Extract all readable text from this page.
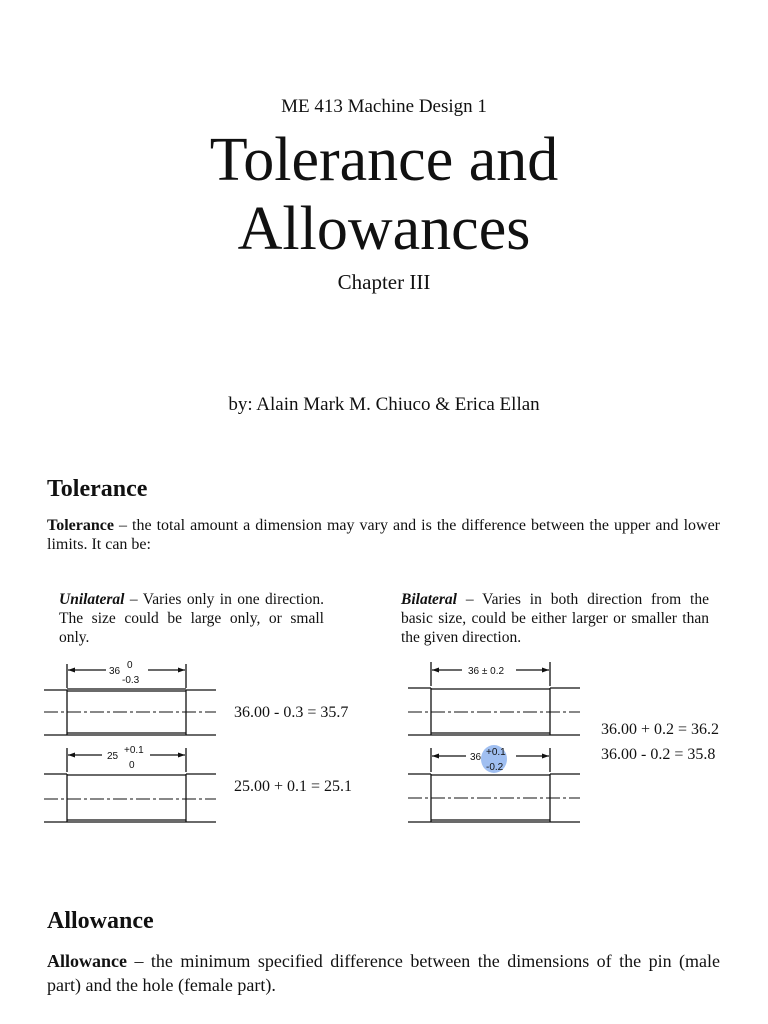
ME 413 Machine Design 1
Tolerance and
Allowances
Chapter III
by: Alain Mark M. Chiuco & Erica Ellan
Tolerance

Tolerance – the total amount a dimension may vary and is the difference between the upper and lower limits. It can be:

Unilateral – Varies only in one direction. The size could be large only, or small only.

Bilateral – Varies in both direction from the basic size, could be either larger or smaller than the given direction.

36
0
-0.3
25
+0.1
0
36.00 - 0.3 = 35.7
25.00 + 0.1 = 25.1
36 ± 0.2
36 +0.1
-0.2
36.00 + 0.2 = 36.2
36.00 - 0.2 = 35.8
Allowance

Allowance – the minimum specified difference between the dimensions of the pin (male part) and the hole (female part).
